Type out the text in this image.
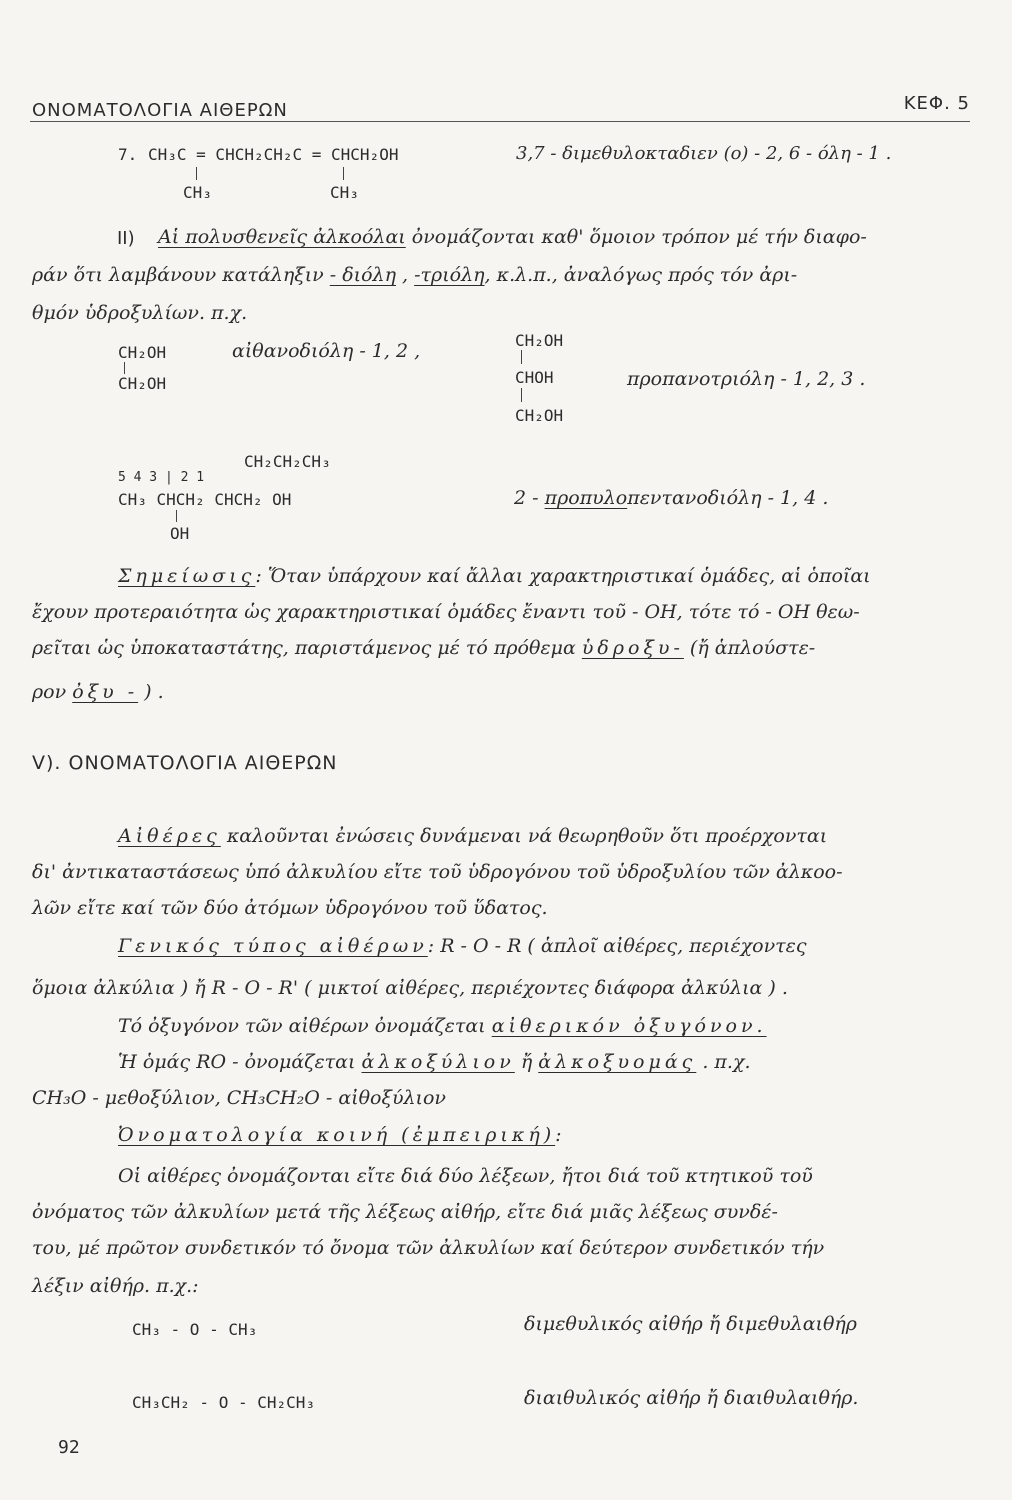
ΟΝΟΜΑΤΟΛΟΓΙΑ ΑΙΘΕΡΩΝ	ΚΕΦ. 5
7. CH₃C = CHCH₂CH₂C = CHCH₂OH	3,7 - διμεθυλοκταδιεν (ο) - 2, 6 - όλη - 1 .
CH₃	CH₃
II) Αἱ πολυσθενεῖς ἀλκοόλαι ὀνομάζονται καθ' ὅμοιον τρόπον μέ τήν διαφο-
ράν ὅτι λαμβάνουν κατάληξιν - διόλη , -τριόλη, κ.λ.π., ἀναλόγως πρός τόν ἀρι-
θμόν ὑδροξυλίων. π.χ.
CH₂OH
CH₂OH
αἰθανοδιόλη - 1, 2 ,	CH₂OH
CHOH
CH₂OH
προπανοτριόλη - 1, 2, 3 .
CH₂CH₂CH₃
5 4 3 | 2 1
CH₃ CHCH₂ CHCH₂ OH
OH
2 - προπυλοπεντανοδιόλη - 1, 4 .
Σημείωσις: Ὅταν ὑπάρχουν καί ἄλλαι χαρακτηριστικαί ὁμάδες, αἱ ὁποῖαι
ἔχουν προτεραιότητα ὡς χαρακτηριστικαί ὁμάδες ἔναντι τοῦ - OH, τότε τό - OH θεω-
ρεῖται ὡς ὑποκαταστάτης, παριστάμενος μέ τό πρόθεμα ὑδροξυ- (ἤ ἁπλούστε-
ρον ὀξυ - ) .
V). ΟΝΟΜΑΤΟΛΟΓΙΑ ΑΙΘΕΡΩΝ
Αἰθέρες καλοῦνται ἐνώσεις δυνάμεναι νά θεωρηθοῦν ὅτι προέρχονται
δι' ἀντικαταστάσεως ὑπό ἀλκυλίου εἴτε τοῦ ὑδρογόνου τοῦ ὑδροξυλίου τῶν ἀλκοο-
λῶν εἴτε καί τῶν δύο ἀτόμων ὑδρογόνου τοῦ ὕδατος.
Γενικός τύπος αἰθέρων: R - O - R ( ἁπλοῖ αἰθέρες, περιέχοντες
ὅμοια ἀλκύλια ) ἤ R - O - R' ( μικτοί αἰθέρες, περιέχοντες διάφορα ἀλκύλια ) .
Τό ὀξυγόνον τῶν αἰθέρων ὀνομάζεται αἰθερικόν ὀξυγόνον.
Ἡ ὁμάς RO - ὀνομάζεται ἀλκοξύλιον ἤ ἀλκοξυομάς . π.χ.
CH₃O - μεθοξύλιον, CH₃CH₂O - αἰθοξύλιον
Ὀνοματολογία κοινή (ἐμπειρική):
Οἱ αἰθέρες ὀνομάζονται εἴτε διά δύο λέξεων, ἤτοι διά τοῦ κτητικοῦ τοῦ
ὀνόματος τῶν ἀλκυλίων μετά τῆς λέξεως αἰθήρ, εἴτε διά μιᾶς λέξεως συνδέ-
του, μέ πρῶτον συνδετικόν τό ὄνομα τῶν ἀλκυλίων καί δεύτερον συνδετικόν τήν
λέξιν αἰθήρ. π.χ.:
CH₃ - O - CH₃	διμεθυλικός αἰθήρ ἤ διμεθυλαιθήρ
CH₃CH₂ - O - CH₂CH₃	διαιθυλικός αἰθήρ ἤ διαιθυλαιθήρ.
92
